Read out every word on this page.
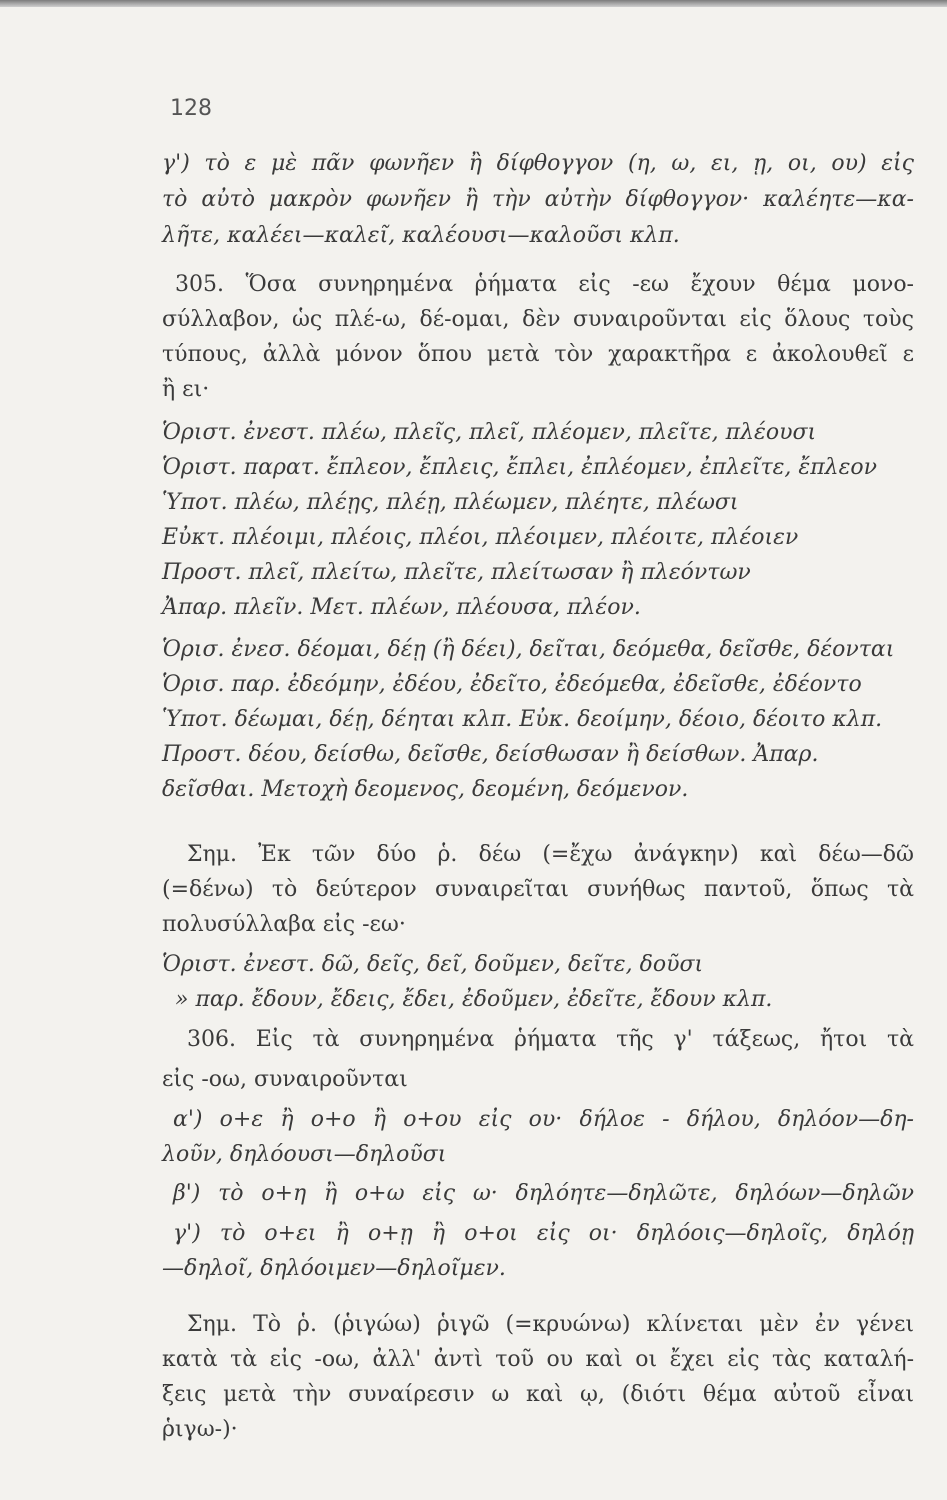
128
γ') τὸ ε μὲ πᾶν φωνῆεν ἢ δίφθογγον (η, ω, ει, ῃ, οι, ου) εἰς
τὸ αὐτὸ μακρὸν φωνῆεν ἢ τὴν αὐτὴν δίφθογγον· καλέητε—κα-
λῆτε, καλέει—καλεῖ, καλέουσι—καλοῦσι κλπ.
305. Ὅσα συνηρημένα ῥήματα εἰς -εω ἔχουν θέμα μονο-
σύλλαβον, ὡς πλέ-ω, δέ-ομαι, δὲν συναιροῦνται εἰς ὅλους τοὺς
τύπους, ἀλλὰ μόνον ὅπου μετὰ τὸν χαρακτῆρα ε ἀκολουθεῖ ε
ἢ ει·
Ὁριστ. ἐνεστ. πλέω, πλεῖς, πλεῖ, πλέομεν, πλεῖτε, πλέουσι
Ὁριστ. παρατ. ἔπλεον, ἔπλεις, ἔπλει, ἐπλέομεν, ἐπλεῖτε, ἔπλεον
Ὑποτ. πλέω, πλέῃς, πλέῃ, πλέωμεν, πλέητε, πλέωσι
Εὐκτ. πλέοιμι, πλέοις, πλέοι, πλέοιμεν, πλέοιτε, πλέοιεν
Προστ. πλεῖ, πλείτω, πλεῖτε, πλείτωσαν ἢ πλεόντων
Ἀπαρ. πλεῖν. Μετ. πλέων, πλέουσα, πλέον.
Ὁρισ. ἐνεσ. δέομαι, δέῃ (ἢ δέει), δεῖται, δεόμεθα, δεῖσθε, δέονται
Ὁρισ. παρ. ἐδεόμην, ἐδέου, ἐδεῖτο, ἐδεόμεθα, ἐδεῖσθε, ἐδέοντο
Ὑποτ. δέωμαι, δέῃ, δέηται κλπ. Εὐκ. δεοίμην, δέοιο, δέοιτο κλπ.
Προστ. δέου, δείσθω, δεῖσθε, δείσθωσαν ἢ δείσθων. Ἀπαρ.
δεῖσθαι. Μετοχὴ δεομενος, δεομένη, δεόμενον.
Σημ. Ἐκ τῶν δύο ῥ. δέω (=ἔχω ἀνάγκην) καὶ δέω—δῶ
(=δένω) τὸ δεύτερον συναιρεῖται συνήθως παντοῦ, ὅπως τὰ
πολυσύλλαβα εἰς -εω·
Ὁριστ. ἐνεστ. δῶ, δεῖς, δεῖ, δοῦμεν, δεῖτε, δοῦσι
» παρ. ἔδουν, ἔδεις, ἔδει, ἐδοῦμεν, ἐδεῖτε, ἔδουν κλπ.
306. Εἰς τὰ συνηρημένα ῥήματα τῆς γ' τάξεως, ἤτοι τὰ
εἰς -οω, συναιροῦνται
α') ο+ε ἢ ο+ο ἢ ο+ου εἰς ου· δήλοε - δήλου, δηλόον—δη-
λοῦν, δηλόουσι—δηλοῦσι
β') τὸ ο+η ἢ ο+ω εἰς ω· δηλόητε—δηλῶτε, δηλόων—δηλῶν
γ') τὸ ο+ει ἢ ο+ῃ ἢ ο+οι εἰς οι· δηλόοις—δηλοῖς, δηλόῃ
—δηλοῖ, δηλόοιμεν—δηλοῖμεν.
Σημ. Τὸ ῥ. (ῥιγώω) ῥιγῶ (=κρυώνω) κλίνεται μὲν ἐν γένει
κατὰ τὰ εἰς -οω, ἀλλ' ἀντὶ τοῦ ου καὶ οι ἔχει εἰς τὰς καταλή-
ξεις μετὰ τὴν συναίρεσιν ω καὶ ῳ, (διότι θέμα αὐτοῦ εἶναι
ῥιγω-)·
